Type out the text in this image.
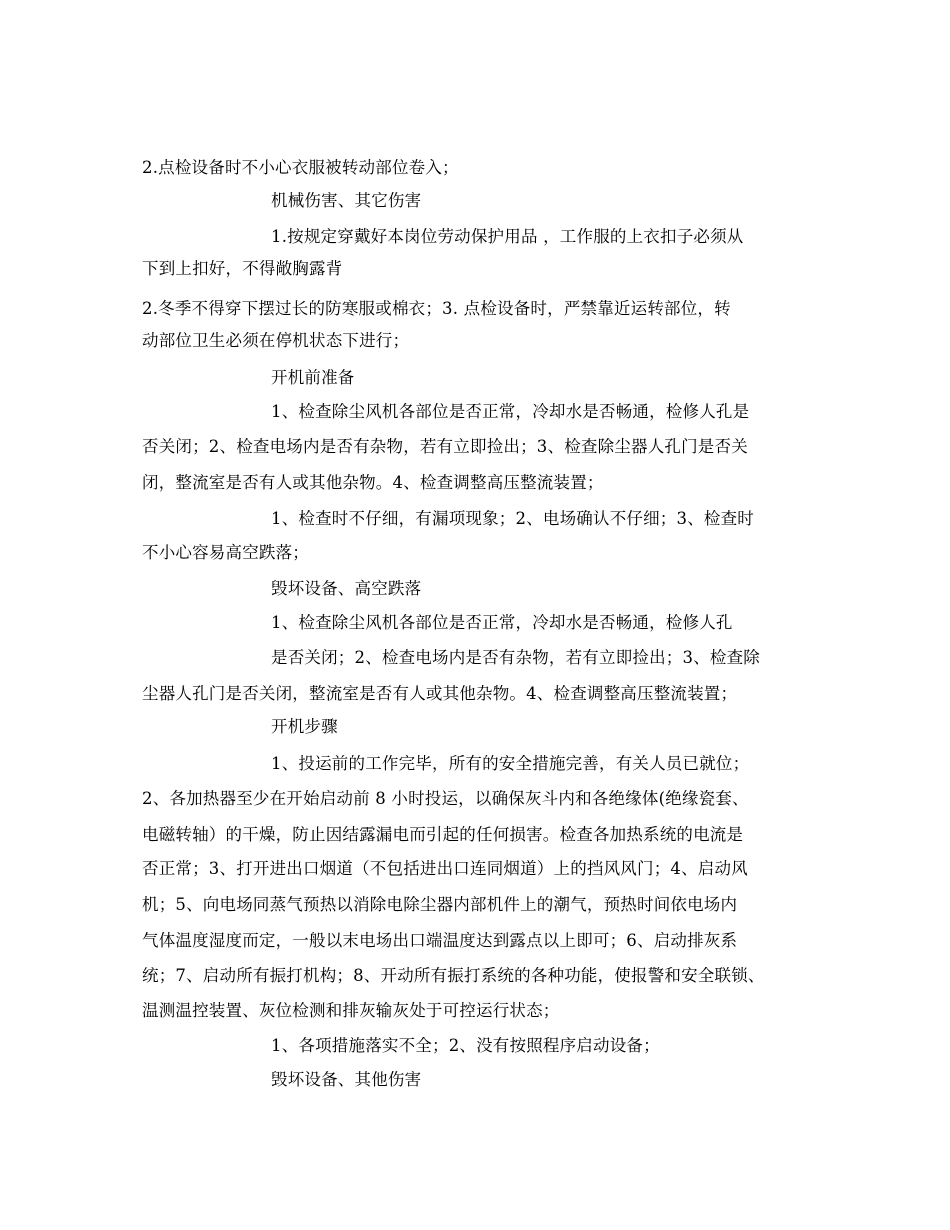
2.点检设备时不小心衣服被转动部位卷入；
机械伤害、其它伤害
1.按规定穿戴好本岗位劳动保护用品 ，工作服的上衣扣子必须从
下到上扣好，不得敞胸露背
2.冬季不得穿下摆过长的防寒服或棉衣；3. 点检设备时，严禁靠近运转部位，转
动部位卫生必须在停机状态下进行；
开机前准备
1、检查除尘风机各部位是否正常，冷却水是否畅通，检修人孔是
否关闭；2、检查电场内是否有杂物，若有立即捡出；3、检查除尘器人孔门是否关
闭，整流室是否有人或其他杂物。4、检查调整高压整流装置；
1、检查时不仔细，有漏项现象；2、电场确认不仔细；3、检查时
不小心容易高空跌落；
毁坏设备、高空跌落
1、检查除尘风机各部位是否正常，冷却水是否畅通，检修人孔
是否关闭；2、检查电场内是否有杂物，若有立即捡出；3、检查除
尘器人孔门是否关闭，整流室是否有人或其他杂物。4、检查调整高压整流装置；
开机步骤
1、投运前的工作完毕，所有的安全措施完善，有关人员已就位；
2、各加热器至少在开始启动前 8 小时投运，以确保灰斗内和各绝缘体(绝缘瓷套、
电磁转轴）的干燥，防止因结露漏电而引起的任何损害。检查各加热系统的电流是
否正常；3、打开进出口烟道（不包括进出口连同烟道）上的挡风风门；4、启动风
机；5、向电场同蒸气预热以消除电除尘器内部机件上的潮气，预热时间依电场内
气体温度湿度而定，一般以末电场出口端温度达到露点以上即可；6、启动排灰系
统；7、启动所有振打机构；8、开动所有振打系统的各种功能，使报警和安全联锁、
温测温控装置、灰位检测和排灰输灰处于可控运行状态；
1、各项措施落实不全；2、没有按照程序启动设备；
毁坏设备、其他伤害
